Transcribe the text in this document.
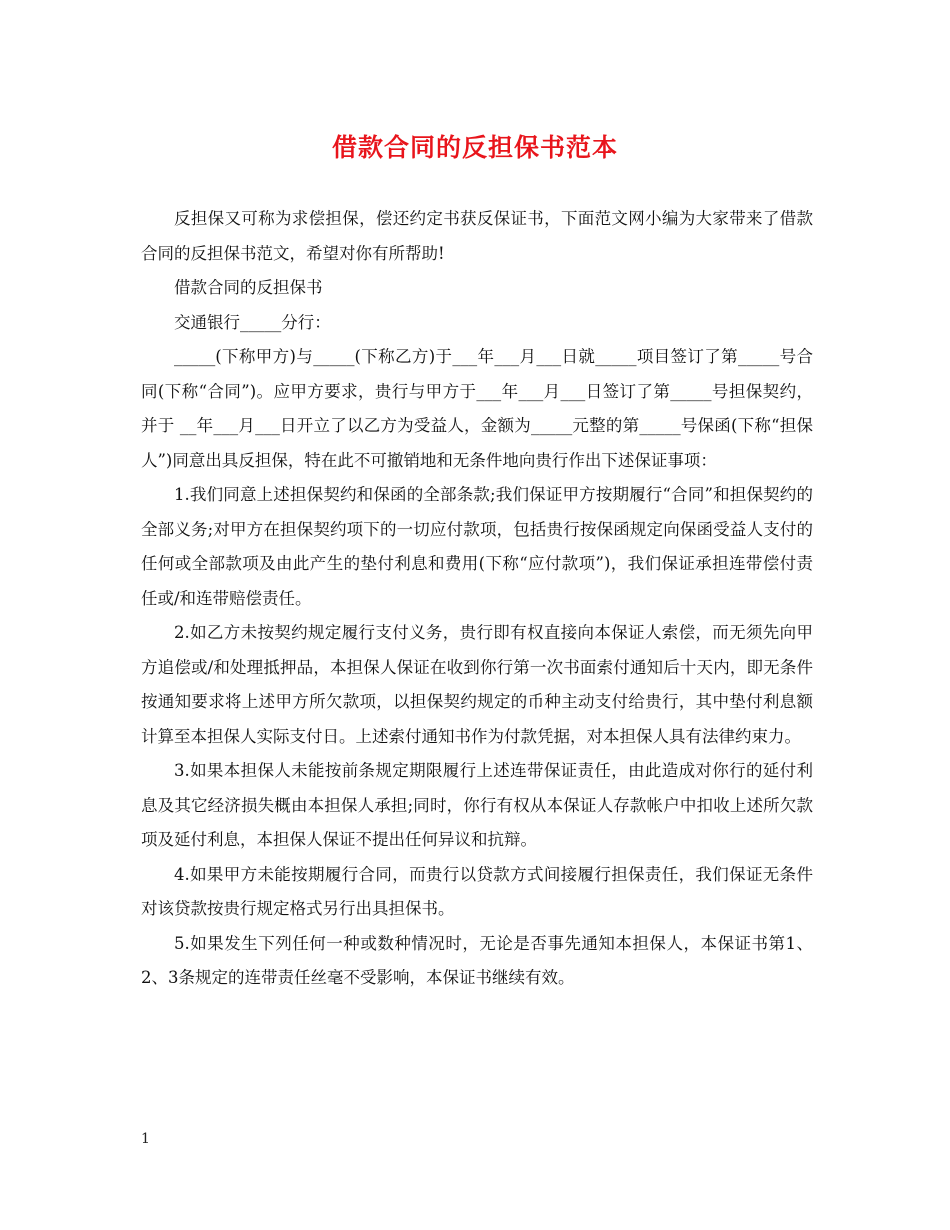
借款合同的反担保书范本

反担保又可称为求偿担保，偿还约定书获反保证书，下面范文网小编为大家带来了借款合同的反担保书范文，希望对你有所帮助!

借款合同的反担保书

交通银行_____分行：

_____(下称甲方)与_____(下称乙方)于___年___月___日就_____项目签订了第_____号合同(下称“合同”)。应甲方要求，贵行与甲方于___年___月___日签订了第_____号担保契约，并于 __年___月___日开立了以乙方为受益人，金额为_____元整的第_____号保函(下称“担保人”)同意出具反担保，特在此不可撤销地和无条件地向贵行作出下述保证事项：

1.我们同意上述担保契约和保函的全部条款;我们保证甲方按期履行“合同”和担保契约的全部义务;对甲方在担保契约项下的一切应付款项，包括贵行按保函规定向保函受益人支付的任何或全部款项及由此产生的垫付利息和费用(下称“应付款项”)，我们保证承担连带偿付责任或/和连带赔偿责任。

2.如乙方未按契约规定履行支付义务，贵行即有权直接向本保证人索偿，而无须先向甲方追偿或/和处理抵押品，本担保人保证在收到你行第一次书面索付通知后十天内，即无条件按通知要求将上述甲方所欠款项，以担保契约规定的币种主动支付给贵行，其中垫付利息额计算至本担保人实际支付日。上述索付通知书作为付款凭据，对本担保人具有法律约束力。

3.如果本担保人未能按前条规定期限履行上述连带保证责任，由此造成对你行的延付利息及其它经济损失概由本担保人承担;同时，你行有权从本保证人存款帐户中扣收上述所欠款项及延付利息，本担保人保证不提出任何异议和抗辩。

4.如果甲方未能按期履行合同，而贵行以贷款方式间接履行担保责任，我们保证无条件对该贷款按贵行规定格式另行出具担保书。

5.如果发生下列任何一种或数种情况时，无论是否事先通知本担保人，本保证书第1、2、3条规定的连带责任丝毫不受影响，本保证书继续有效。

1
